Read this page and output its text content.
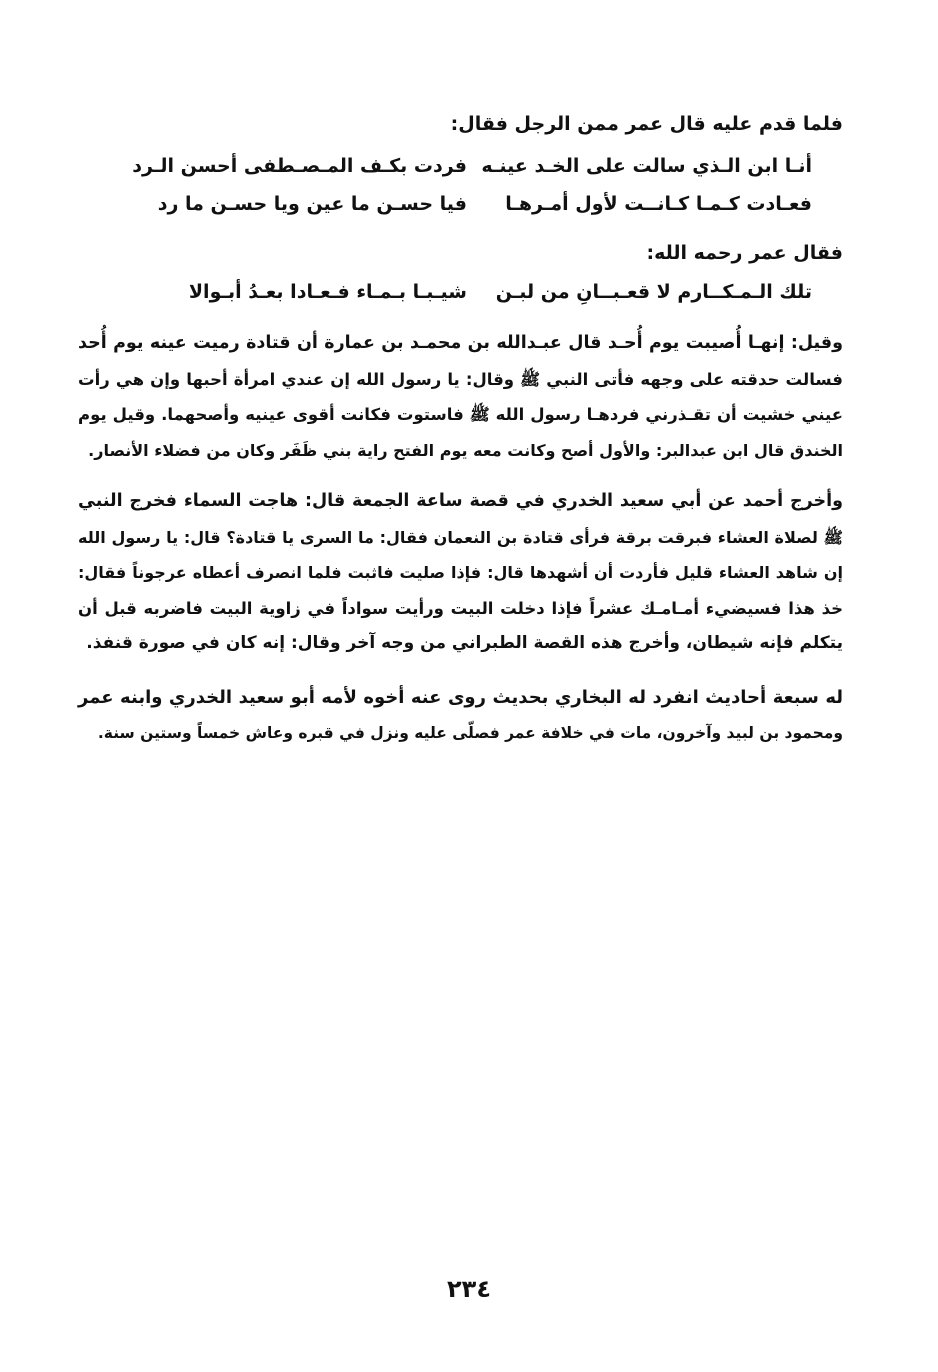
فلما قدم عليه قال عمر ممن الرجل فقال:
أنـا ابن الـذي سالت على الخـد عينـه
فردت بكـف المـصـطفى أحسن الـرد
فعـادت كـمـا كـانــت لأول أمـرهـا
فيا حسـن ما عين ويا حسـن ما رد
فقال عمر رحمه الله:
تلك الـمـكــارم لا قعـبــانِ من لبـن
شيـبـا بـمـاء فـعـادا بعـدُ أبـوالا
وقيل: إنهـا أُصيبت يوم أُحـد قال عبـدالله بن محمـد بن عمارة أن قتادة رميت عينه يوم أُحد
فسالت حدقته على وجهه فأتى النبي ﷺ وقال: يا رسول الله إن عندي امرأة أحبها وإن هي رأت
عيني خشيت أن تقـذرني فردهـا رسول الله ﷺ فاستوت فكانت أقوى عينيه وأصحهما. وقيل يوم
الخندق قال ابن عبدالبر: والأول أصح وكانت معه يوم الفتح راية بني ظَفَر وكان من فضلاء الأنصار.
وأخرج أحمد عن أبي سعيد الخدري في قصة ساعة الجمعة قال: هاجت السماء فخرج النبي
ﷺ لصلاة العشاء فبرقت برقة فرأى قتادة بن النعمان فقال: ما السرى يا قتادة؟ قال: يا رسول الله
إن شاهد العشاء قليل فأردت أن أشهدها قال: فإذا صليت فاثبت فلما انصرف أعطاه عرجوناً فقال:
خذ هذا فسيضيء أمـامـك عشراً فإذا دخلت البيت ورأيت سواداً في زاوية البيت فاضربه قبل أن
يتكلم فإنه شيطان، وأخرج هذه القصة الطبراني من وجه آخر وقال: إنه كان في صورة قنفذ.
له سبعة أحاديث انفرد له البخاري بحديث روى عنه أخوه لأمه أبو سعيد الخدري وابنه عمر
ومحمود بن لبيد وآخرون، مات في خلافة عمر فصلّى عليه ونزل في قبره وعاش خمساً وستين سنة.
٢٣٤
